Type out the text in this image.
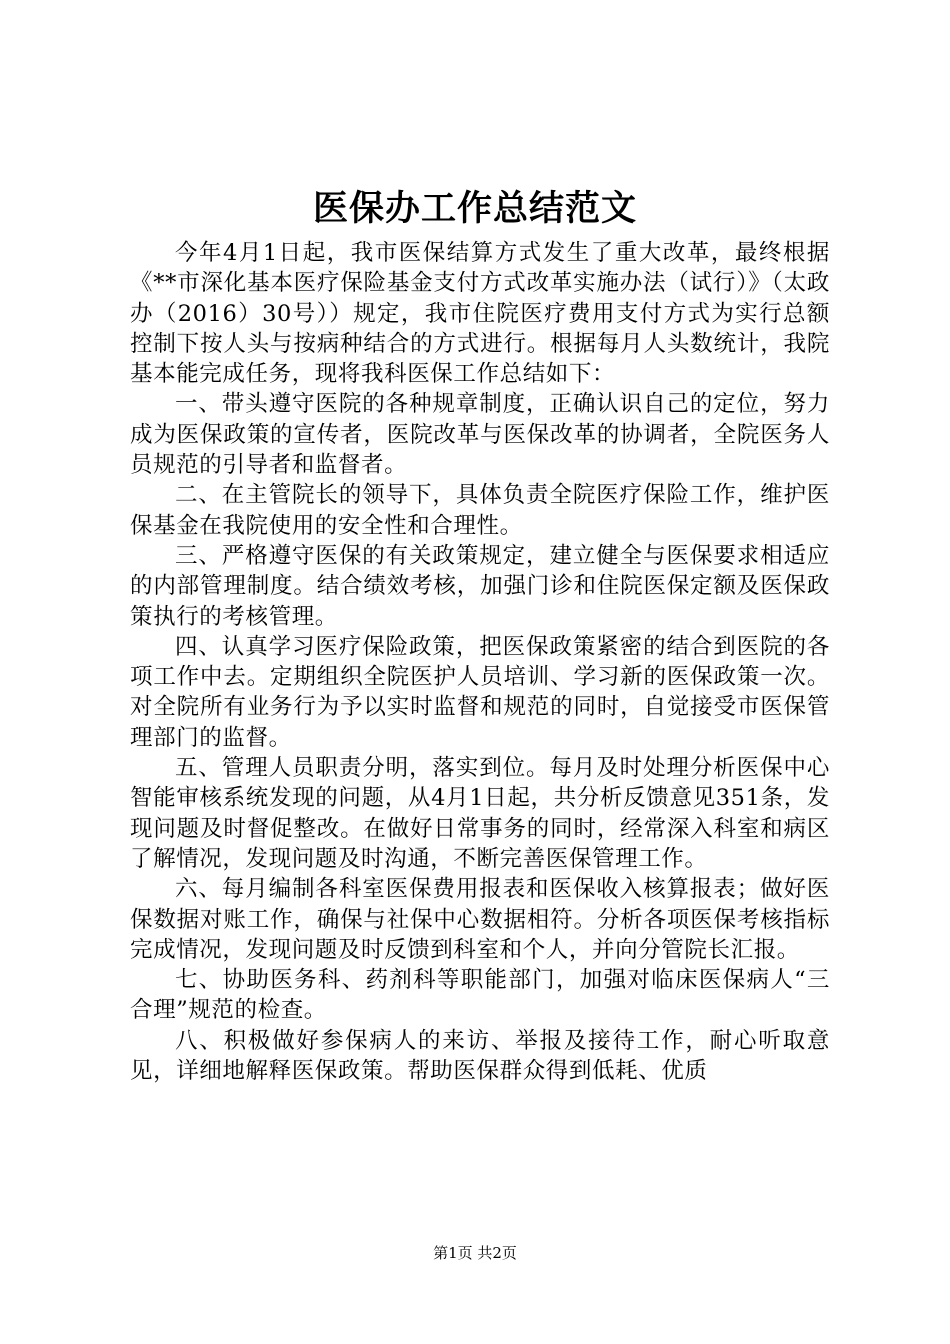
医保办工作总结范文

今年4月1日起，我市医保结算方式发生了重大改革，最终根据《**市深化基本医疗保险基金支付方式改革实施办法（试行）》（太政办（2016）30号））规定，我市住院医疗费用支付方式为实行总额控制下按人头与按病种结合的方式进行。根据每月人头数统计，我院基本能完成任务，现将我科医保工作总结如下：

一、带头遵守医院的各种规章制度，正确认识自己的定位，努力成为医保政策的宣传者，医院改革与医保改革的协调者，全院医务人员规范的引导者和监督者。

二、在主管院长的领导下，具体负责全院医疗保险工作，维护医保基金在我院使用的安全性和合理性。

三、严格遵守医保的有关政策规定，建立健全与医保要求相适应的内部管理制度。结合绩效考核，加强门诊和住院医保定额及医保政策执行的考核管理。

四、认真学习医疗保险政策，把医保政策紧密的结合到医院的各项工作中去。定期组织全院医护人员培训、学习新的医保政策一次。对全院所有业务行为予以实时监督和规范的同时，自觉接受市医保管理部门的监督。

五、管理人员职责分明，落实到位。每月及时处理分析医保中心智能审核系统发现的问题，从4月1日起，共分析反馈意见351条，发现问题及时督促整改。在做好日常事务的同时，经常深入科室和病区了解情况，发现问题及时沟通，不断完善医保管理工作。

六、每月编制各科室医保费用报表和医保收入核算报表；做好医保数据对账工作，确保与社保中心数据相符。分析各项医保考核指标完成情况，发现问题及时反馈到科室和个人，并向分管院长汇报。

七、协助医务科、药剂科等职能部门，加强对临床医保病人“三合理”规范的检查。

八、积极做好参保病人的来访、举报及接待工作，耐心听取意见，详细地解释医保政策。帮助医保群众得到低耗、优质

第1页 共2页
